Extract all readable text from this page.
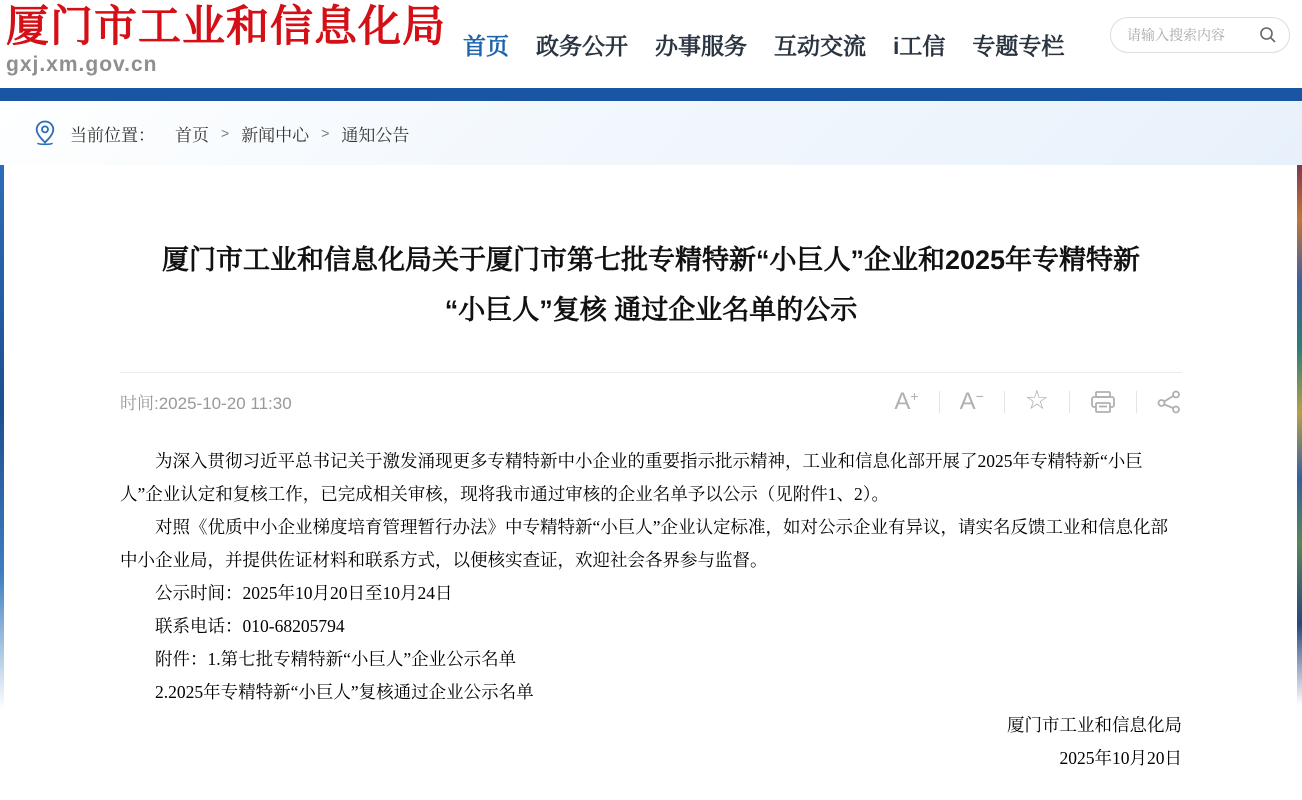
厦门市工业和信息化局
gxj.xm.gov.cn
首页 政务公开 办事服务 互动交流 i工信 专题专栏
请输入搜索内容
当前位置： 首页 > 新闻中心 > 通知公告
厦门市工业和信息化局关于厦门市第七批专精特新“小巨人”企业和2025年专精特新
“小巨人”复核 通过企业名单的公示
时间:2025-10-20 11:30	A+ A− ☆

为深入贯彻习近平总书记关于激发涌现更多专精特新中小企业的重要指示批示精神，工业和信息化部开展了2025年专精特新“小巨人”企业认定和复核工作，已完成相关审核，现将我市通过审核的企业名单予以公示（见附件1、2）。

对照《优质中小企业梯度培育管理暂行办法》中专精特新“小巨人”企业认定标准，如对公示企业有异议，请实名反馈工业和信息化部中小企业局，并提供佐证材料和联系方式，以便核实查证，欢迎社会各界参与监督。

公示时间：2025年10月20日至10月24日

联系电话：010-68205794

附件：1.第七批专精特新“小巨人”企业公示名单

2.2025年专精特新“小巨人”复核通过企业公示名单

厦门市工业和信息化局
2025年10月20日
